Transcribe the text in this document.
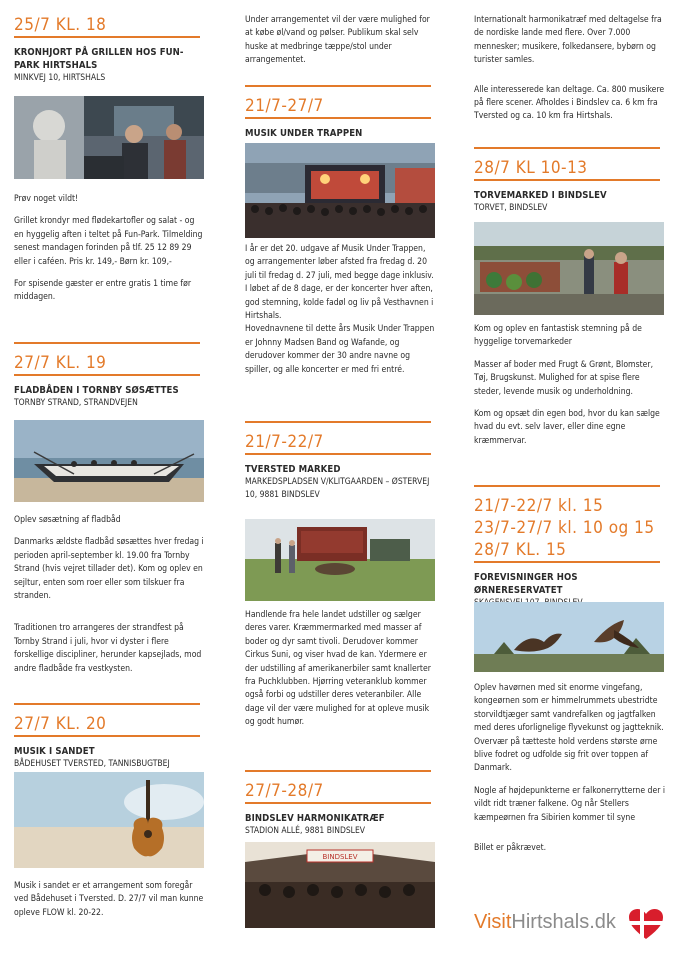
25/7 KL. 18
KRONHJORT PÅ GRILLEN HOS FUN-PARK HIRTSHALS
MINKVEJ 10, HIRTSHALS

Prøv noget vildt!

Grillet krondyr med flødekartofler og salat - og en hyggelig aften i teltet på Fun-Park. Tilmelding senest mandagen forinden på tlf. 25 12 89 29 eller i caféen. Pris kr. 149,- Børn kr. 109,-

For spisende gæster er entre gratis 1 time før middagen.

27/7 KL. 19
FLADBÅDEN I TORNBY SØSÆTTES
TORNBY STRAND, STRANDVEJEN

Oplev søsætning af fladbåd

Danmarks ældste fladbåd søsættes hver fredag i perioden april-september kl. 19.00 fra Tornby Strand (hvis vejret tillader det). Kom og oplev en sejltur, enten som roer eller som tilskuer fra stranden.

Traditionen tro arrangeres der strandfest på Tornby Strand i juli, hvor vi dyster i flere forskellige discipliner, herunder kapsejlads, mod andre fladbåde fra vestkysten.

27/7 KL. 20
MUSIK I SANDET
BÅDEHUSET TVERSTED, TANNISBUGTBEJ

Musik i sandet er et arrangement som foregår ved Bådehuset i Tversted. D. 27/7 vil man kunne opleve FLOW kl. 20-22.

Under arrangementet vil der være mulighed for at købe øl/vand og pølser. Publikum skal selv huske at medbringe tæppe/stol under arrangementet.

21/7-27/7
MUSIK UNDER TRAPPEN

I år er det 20. udgave af Musik Under Trappen, og arrangementer løber afsted fra fredag d. 20 juli til fredag d. 27 juli, med begge dage inklusiv. I løbet af de 8 dage, er der koncerter hver aften, god stemning, kolde fadøl og liv på Vesthavnen i Hirtshals.

Hovednavnene til dette års Musik Under Trappen er Johnny Madsen Band og Wafande, og derudover kommer der 30 andre navne og spiller, og alle koncerter er med fri entré.

21/7-22/7
TVERSTED MARKED
MARKEDSPLADSEN V/KLITGAARDEN – ØSTERVEJ 10, 9881 BINDSLEV

Handlende fra hele landet udstiller og sælger deres varer. Kræmmermarked med masser af boder og dyr samt tivoli. Derudover kommer Cirkus Suni, og viser hvad de kan. Ydermere er der udstilling af amerikanerbiler samt knallerter fra Puchklubben. Hjørring veteranklub kommer også forbi og udstiller deres veteranbiler. Alle dage vil der være mulighed for at opleve musik og godt humør.

27/7-28/7
BINDSLEV HARMONIKATRÆF
STADION ALLÉ, 9881 BINDSLEV
BINDSLEV

Internationalt harmonikatræf med deltagelse fra de nordiske lande med flere. Over 7.000 mennesker; musikere, folkedansere, bybørn og turister samles.

Alle interesserede kan deltage. Ca. 800 musikere på flere scener. Afholdes i Bindslev ca. 6 km fra Tversted og ca. 10 km fra Hirtshals.

28/7 KL 10-13
TORVEMARKED I BINDSLEV
TORVET, BINDSLEV

Kom og oplev en fantastisk stemning på de hyggelige torvemarkeder

Masser af boder med Frugt & Grønt, Blomster, Tøj, Brugskunst. Mulighed for at spise flere steder, levende musik og underholdning.

Kom og opsæt din egen bod, hvor du kan sælge hvad du evt. selv laver, eller dine egne kræmmervar.

21/7-22/7 kl. 15
23/7-27/7 kl. 10 og 15
28/7 KL. 15
FOREVISNINGER HOS ØRNERESERVATET

Oplev havørnen med sit enorme vingefang, kongeørnen som er himmelrummets ubestridte storvildtjæger samt vandrefalken og jagtfalken med deres uforlignelige flyvekunst og jagtteknik. Overvær på tætteste hold verdens største ørne blive fodret og udfolde sig frit over toppen af Danmark.

Nogle af højdepunkterne er falkonerrytterne der i vildt ridt træner falkene. Og når Stellers kæmpeørnen fra Sibirien kommer til syne

Billet er påkrævet.

VisitHirtshals.dk
